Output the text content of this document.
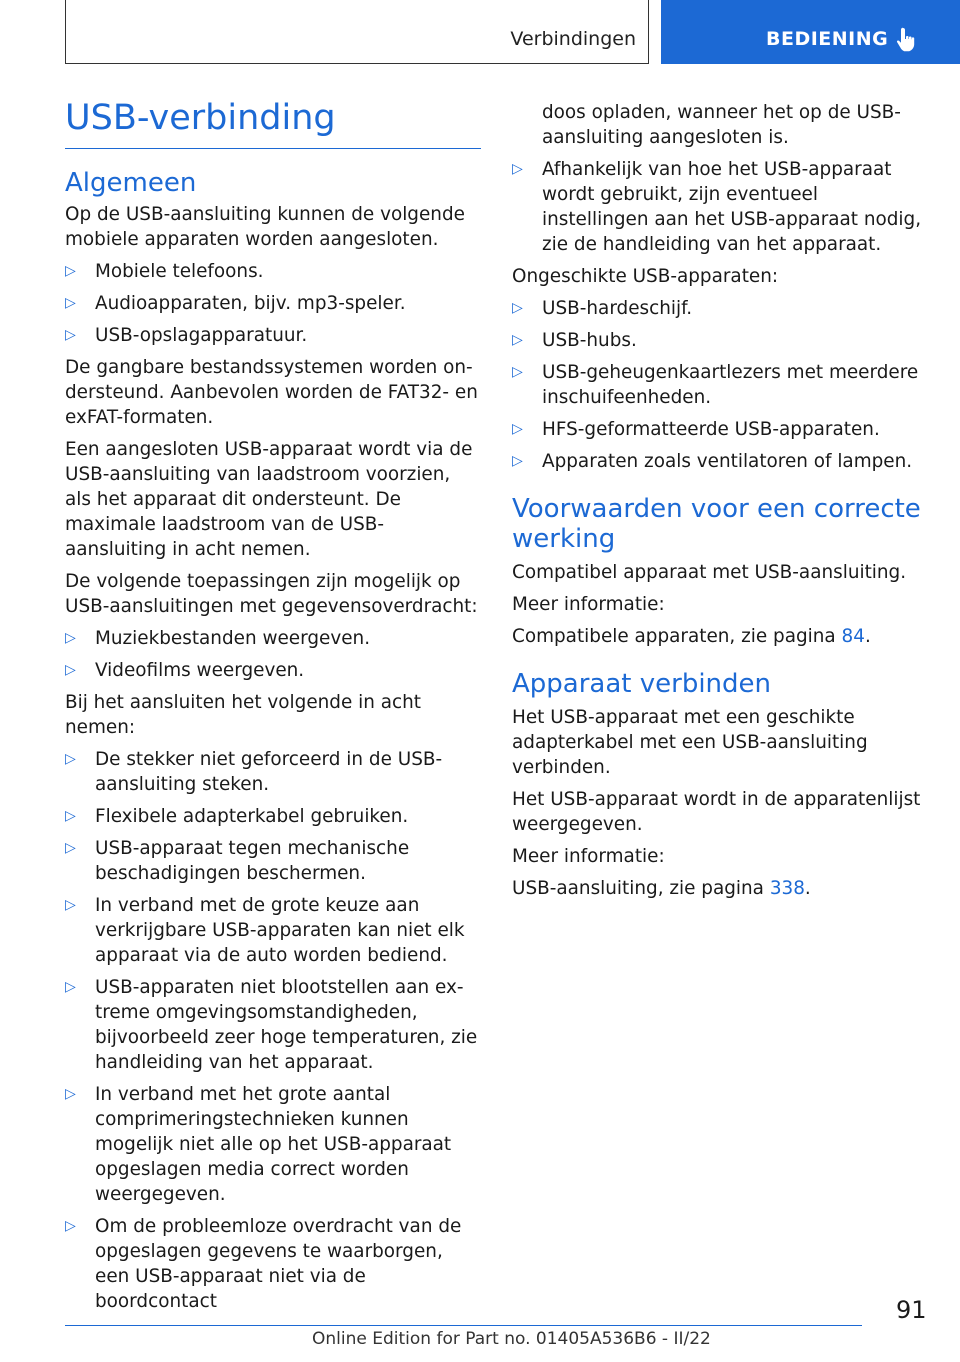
Verbindingen	BEDIENING
USB-verbinding
Algemeen

Op de USB-aansluiting kunnen de volgende mobiele apparaten worden aangesloten.

▷ Mobiele telefoons.
▷ Audioapparaten, bijv. mp3-speler.
▷ USB-opslagapparatuur.

De gangbare bestandssystemen worden ondersteund. Aanbevolen worden de FAT32- en exFAT-formaten.

Een aangesloten USB-apparaat wordt via de USB-aansluiting van laadstroom voorzien, als het apparaat dit ondersteunt. De maximale laadstroom van de USB-aansluiting in acht nemen.

De volgende toepassingen zijn mogelijk op USB-aansluitingen met gegevensoverdracht:

▷ Muziekbestanden weergeven.
▷ Videofilms weergeven.

Bij het aansluiten het volgende in acht nemen:

▷ De stekker niet geforceerd in de USB-aansluiting steken.
▷ Flexibele adapterkabel gebruiken.
▷ USB-apparaat tegen mechanische beschadigingen beschermen.
▷ In verband met de grote keuze aan verkrijgbare USB-apparaten kan niet elk apparaat via de auto worden bediend.
▷ USB-apparaten niet blootstellen aan extreme omgevingsomstandigheden, bijvoorbeeld zeer hoge temperaturen, zie handleiding van het apparaat.
▷ In verband met het grote aantal comprimeringstechnieken kunnen mogelijk niet alle op het USB-apparaat opgeslagen media correct worden weergegeven.
▷ Om de probleemloze overdracht van de opgeslagen gegevens te waarborgen, een USB-apparaat niet via de boordcontact
doos opladen, wanneer het op de USB-aansluiting aangesloten is.
▷ Afhankelijk van hoe het USB-apparaat wordt gebruikt, zijn eventueel instellingen aan het USB-apparaat nodig, zie de handleiding van het apparaat.

Ongeschikte USB-apparaten:

▷ USB-hardeschijf.
▷ USB-hubs.
▷ USB-geheugenkaartlezers met meerdere inschuifeenheden.
▷ HFS-geformatteerde USB-apparaten.
▷ Apparaten zoals ventilatoren of lampen.
Voorwaarden voor een correcte werking

Compatibel apparaat met USB-aansluiting.

Meer informatie:

Compatibele apparaten, zie pagina 84.

Apparaat verbinden

Het USB-apparaat met een geschikte adapterkabel met een USB-aansluiting verbinden.

Het USB-apparaat wordt in de apparatenlijst weergegeven.

Meer informatie:

USB-aansluiting, zie pagina 338.

91
Online Edition for Part no. 01405A536B6 - II/22
